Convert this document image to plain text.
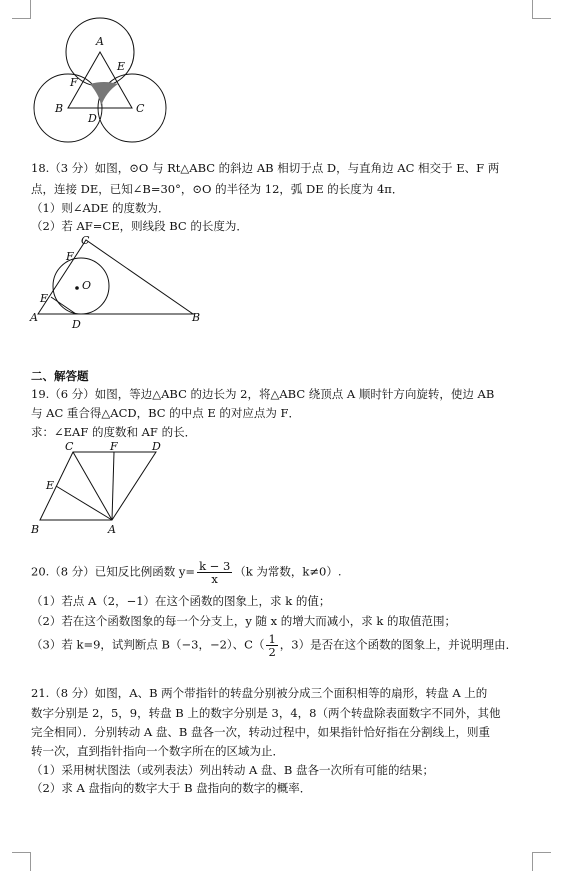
A
B	C
D
E
F
18.（3 分）如图，⊙O 与 Rt△ABC 的斜边 AB 相切于点 D，与直角边 AC 相交于 E、F 两
点，连接 DE，已知∠B=30°，⊙O 的半径为 12，弧 DE 的长度为 4π．
（1）则∠ADE 的度数为．
（2）若 AF=CE，则线段 BC 的长度为．
A	B
C
D
E
F
O
二、解答题
19.（6 分）如图，等边△ABC 的边长为 2，将△ABC 绕顶点 A 顺时针方向旋转，使边 AB
与 AC 重合得△ACD，BC 的中点 E 的对应点为 F．
求：∠EAF 的度数和 AF 的长．
A
B
C	D
E
F
20.（8 分）已知反比例函数 $y= \frac{k - 3}{x} (k$ 为常数，k≠0）.
（1）若点 A（2，−1）在这个函数的图象上，求 k 的值；
（2）若在这个函数图象的每一个分支上，y 随 x 的增大而减小，求 k 的取值范围；
（3）若 k=9，试判断点 B（−3，−2）、$C( \frac{1}{2}$ ，3）是否在这个函数的图象上，并说明理由．
21.（8 分）如图，A、B 两个带指针的转盘分别被分成三个面积相等的扇形，转盘 A 上的
数字分别是 2，5，9，转盘 B 上的数字分别是 3，4，8（两个转盘除表面数字不同外，其他
完全相同）．分别转动 A 盘、B 盘各一次，转动过程中，如果指针恰好指在分割线上，则重
转一次，直到指针指向一个数字所在的区域为止．
（1）采用树状图法（或列表法）列出转动 A 盘、B 盘各一次所有可能的结果；
（2）求 A 盘指向的数字大于 B 盘指向的数字的概率．
